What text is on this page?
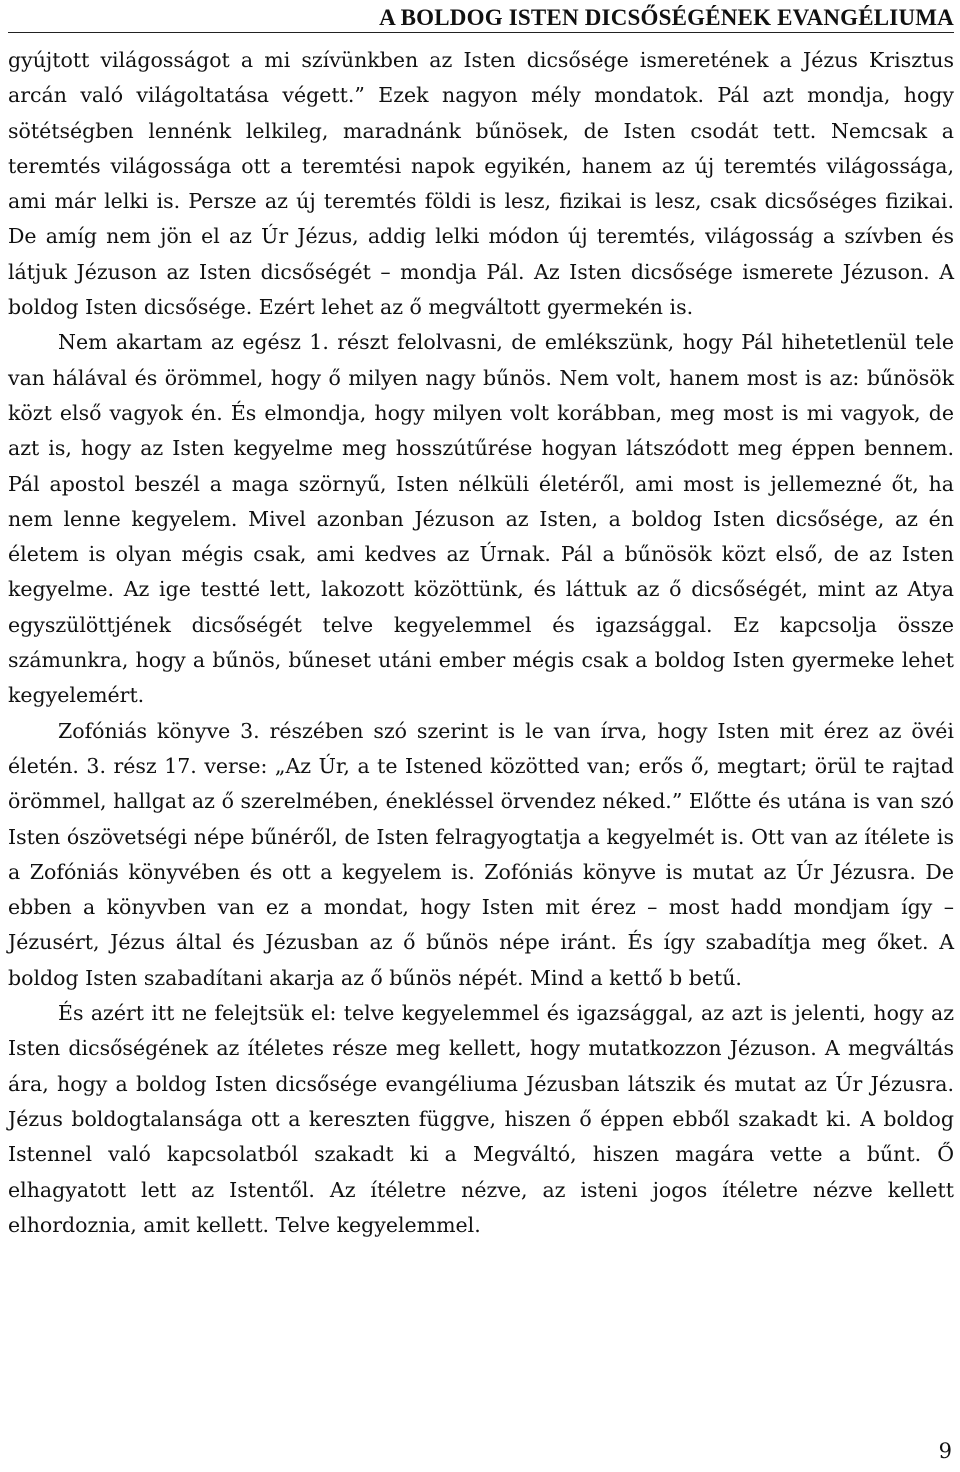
A BOLDOG ISTEN DICSŐSÉGÉNEK EVANGÉLIUMA

gyújtott világosságot a mi szívünkben az Isten dicsősége ismeretének a Jézus Krisztus arcán való világoltatása végett.” Ezek nagyon mély mondatok. Pál azt mondja, hogy sötétségben lennénk lelkileg, maradnánk bűnösek, de Isten csodát tett. Nemcsak a teremtés világossága ott a teremtési napok egyikén, hanem az új teremtés világossága, ami már lelki is. Persze az új teremtés földi is lesz, fizikai is lesz, csak dicsőséges fizikai. De amíg nem jön el az Úr Jézus, addig lelki módon új teremtés, világosság a szívben és látjuk Jézuson az Isten dicsőségét – mondja Pál. Az Isten dicsősége ismerete Jézuson. A boldog Isten dicsősége. Ezért lehet az ő megváltott gyermekén is.

Nem akartam az egész 1. részt felolvasni, de emlékszünk, hogy Pál hihetetlenül tele van hálával és örömmel, hogy ő milyen nagy bűnös. Nem volt, hanem most is az: bűnösök közt első vagyok én. És elmondja, hogy milyen volt korábban, meg most is mi vagyok, de azt is, hogy az Isten kegyelme meg hosszútűrése hogyan látszódott meg éppen bennem. Pál apostol beszél a maga szörnyű, Isten nélküli életéről, ami most is jellemezné őt, ha nem lenne kegyelem. Mivel azonban Jézuson az Isten, a boldog Isten dicsősége, az én életem is olyan mégis csak, ami kedves az Úrnak. Pál a bűnösök közt első, de az Isten kegyelme. Az ige testté lett, lakozott közöttünk, és láttuk az ő dicsőségét, mint az Atya egyszülöttjének dicsőségét telve kegyelemmel és igazsággal. Ez kapcsolja össze számunkra, hogy a bűnös, bűneset utáni ember mégis csak a boldog Isten gyermeke lehet kegyelemért.

Zofóniás könyve 3. részében szó szerint is le van írva, hogy Isten mit érez az övéi életén. 3. rész 17. verse: „Az Úr, a te Istened közötted van; erős ő, megtart; örül te rajtad örömmel, hallgat az ő szerelmében, énekléssel örvendez néked.” Előtte és utána is van szó Isten ószövetségi népe bűnéről, de Isten felragyogtatja a kegyelmét is. Ott van az ítélete is a Zofóniás könyvében és ott a kegyelem is. Zofóniás könyve is mutat az Úr Jézusra. De ebben a könyvben van ez a mondat, hogy Isten mit érez – most hadd mondjam így – Jézusért, Jézus által és Jézusban az ő bűnös népe iránt. És így szabadítja meg őket. A boldog Isten szabadítani akarja az ő bűnös népét. Mind a kettő b betű.

És azért itt ne felejtsük el: telve kegyelemmel és igazsággal, az azt is jelenti, hogy az Isten dicsőségének az ítéletes része meg kellett, hogy mutatkozzon Jézuson. A megváltás ára, hogy a boldog Isten dicsősége evangéliuma Jézusban látszik és mutat az Úr Jézusra. Jézus boldogtalansága ott a kereszten függve, hiszen ő éppen ebből szakadt ki. A boldog Istennel való kapcsolatból szakadt ki a Megváltó, hiszen magára vette a bűnt. Ő elhagyatott lett az Istentől. Az ítéletre nézve, az isteni jogos ítéletre nézve kellett elhordoznia, amit kellett. Telve kegyelemmel.

9
